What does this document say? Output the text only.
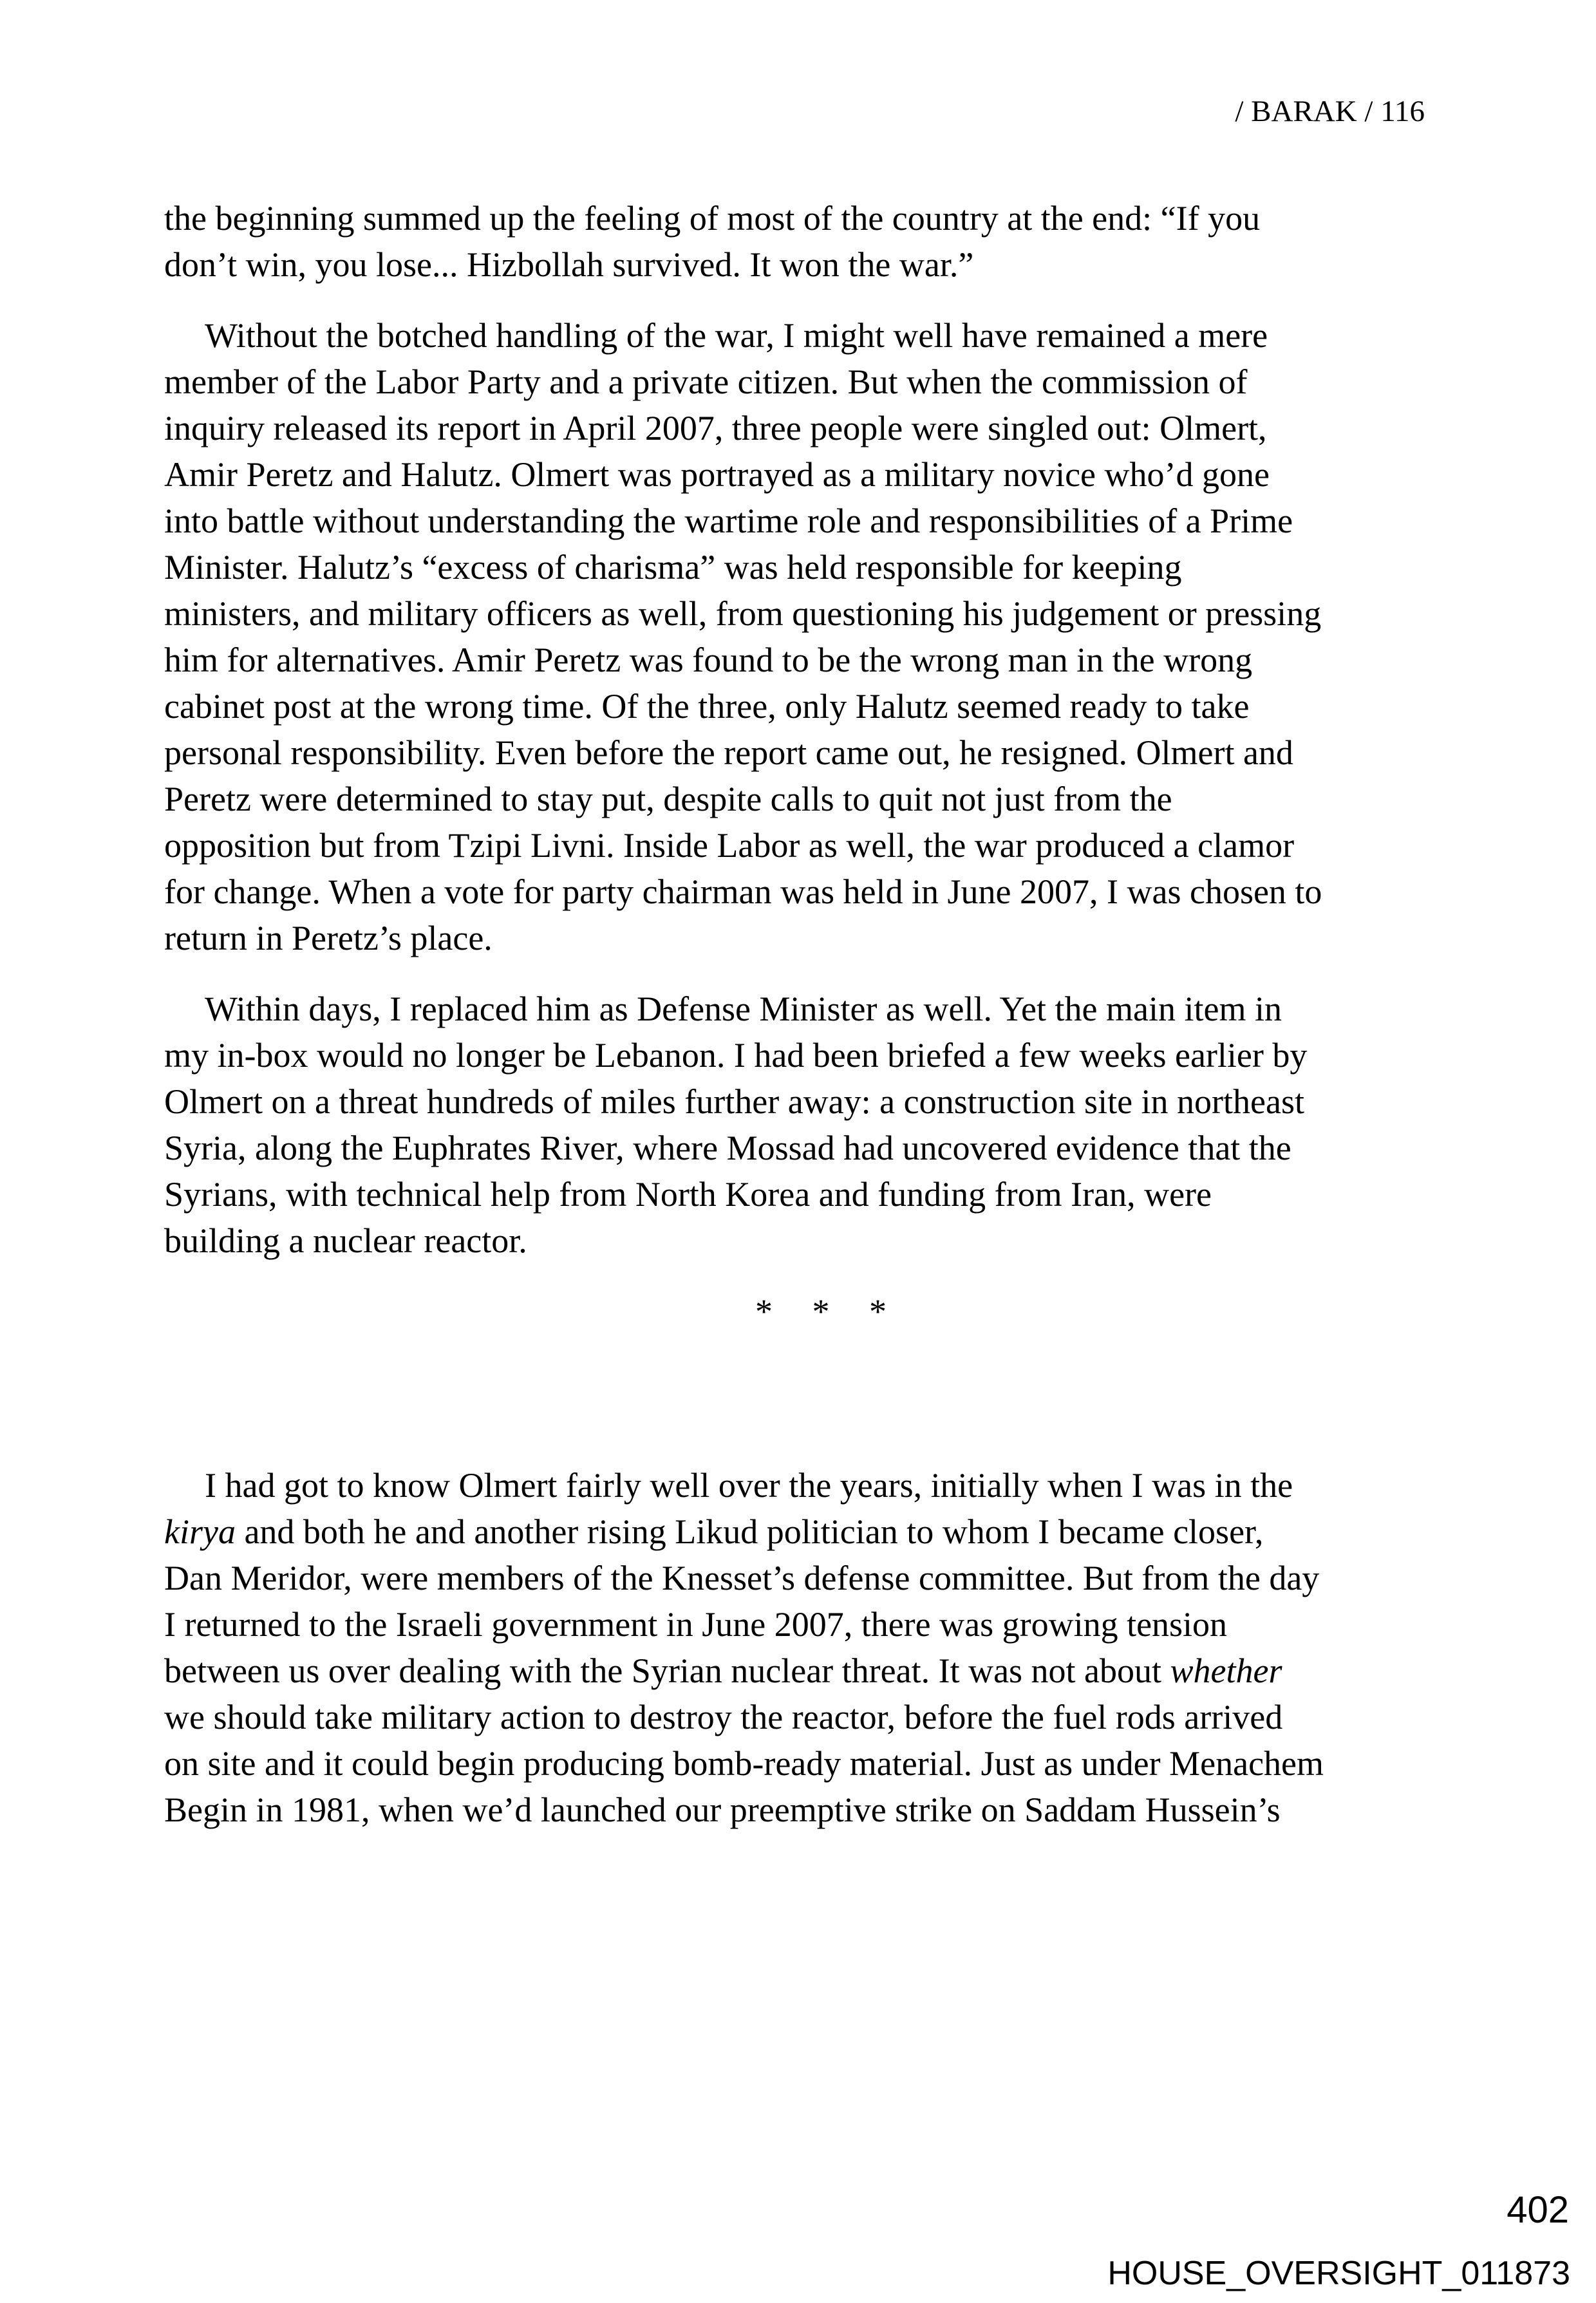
/ BARAK / 116
the beginning summed up the feeling of most of the country at the end: “If you
don’t win, you lose... Hizbollah survived. It won the war.”
Without the botched handling of the war, I might well have remained a mere
member of the Labor Party and a private citizen. But when the commission of
inquiry released its report in April 2007, three people were singled out: Olmert,
Amir Peretz and Halutz. Olmert was portrayed as a military novice who’d gone
into battle without understanding the wartime role and responsibilities of a Prime
Minister. Halutz’s “excess of charisma” was held responsible for keeping
ministers, and military officers as well, from questioning his judgement or pressing
him for alternatives. Amir Peretz was found to be the wrong man in the wrong
cabinet post at the wrong time. Of the three, only Halutz seemed ready to take
personal responsibility. Even before the report came out, he resigned. Olmert and
Peretz were determined to stay put, despite calls to quit not just from the
opposition but from Tzipi Livni. Inside Labor as well, the war produced a clamor
for change. When a vote for party chairman was held in June 2007, I was chosen to
return in Peretz’s place.
Within days, I replaced him as Defense Minister as well. Yet the main item in
my in-box would no longer be Lebanon. I had been briefed a few weeks earlier by
Olmert on a threat hundreds of miles further away: a construction site in northeast
Syria, along the Euphrates River, where Mossad had uncovered evidence that the
Syrians, with technical help from North Korea and funding from Iran, were
building a nuclear reactor.
* * *
I had got to know Olmert fairly well over the years, initially when I was in the
kirya and both he and another rising Likud politician to whom I became closer,
Dan Meridor, were members of the Knesset’s defense committee. But from the day
I returned to the Israeli government in June 2007, there was growing tension
between us over dealing with the Syrian nuclear threat. It was not about whether
we should take military action to destroy the reactor, before the fuel rods arrived
on site and it could begin producing bomb-ready material. Just as under Menachem
Begin in 1981, when we’d launched our preemptive strike on Saddam Hussein’s
402
HOUSE_OVERSIGHT_011873
